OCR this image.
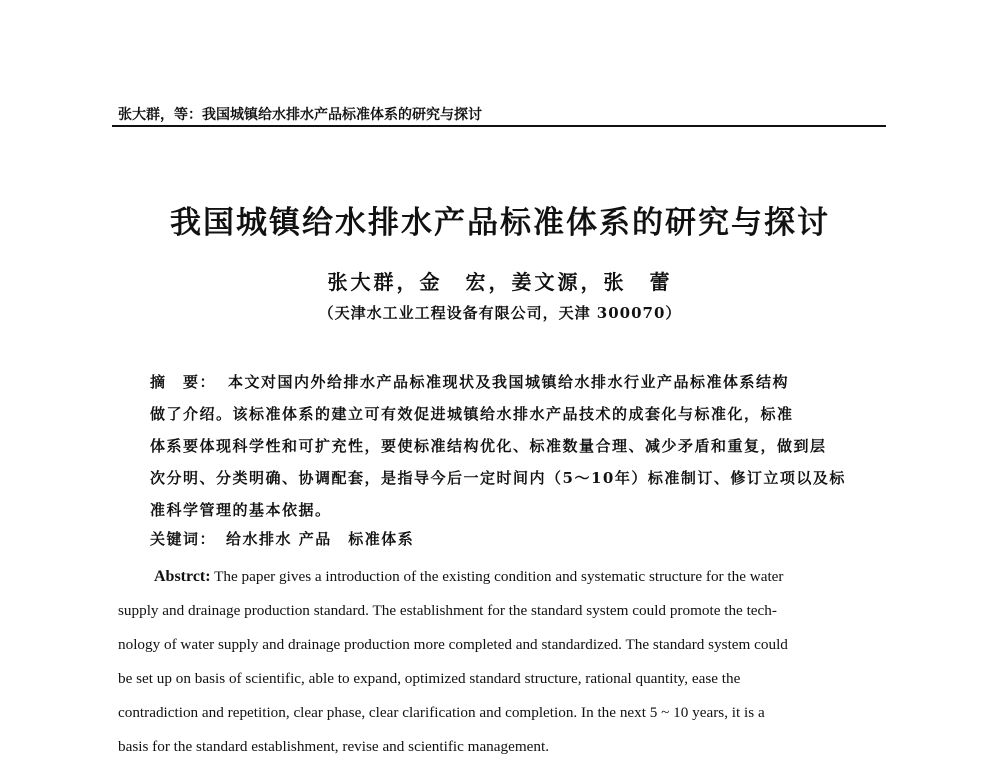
张大群，等：我国城镇给水排水产品标准体系的研究与探讨
我国城镇给水排水产品标准体系的研究与探讨
张大群，金　宏，姜文源，张　蕾
（天津水工业工程设备有限公司，天津 300070）
摘　要： 本文对国内外给排水产品标准现状及我国城镇给水排水行业产品标准体系结构
做了介绍。该标准体系的建立可有效促进城镇给水排水产品技术的成套化与标准化，标准
体系要体现科学性和可扩充性，要使标准结构优化、标准数量合理、减少矛盾和重复，做到层
次分明、分类明确、协调配套，是指导今后一定时间内（5～10年）标准制订、修订立项以及标
准科学管理的基本依据。
关键词： 给水排水 产品　标准体系
Abstrct: The paper gives a introduction of the existing condition and systematic structure for the water
supply and drainage production standard. The establishment for the standard system could promote the tech-
nology of water supply and drainage production more completed and standardized. The standard system could
be set up on basis of scientific, able to expand, optimized standard structure, rational quantity, ease the
contradiction and repetition, clear phase, clear clarification and completion. In the next 5 ~ 10 years, it is a
basis for the standard establishment, revise and scientific management.
